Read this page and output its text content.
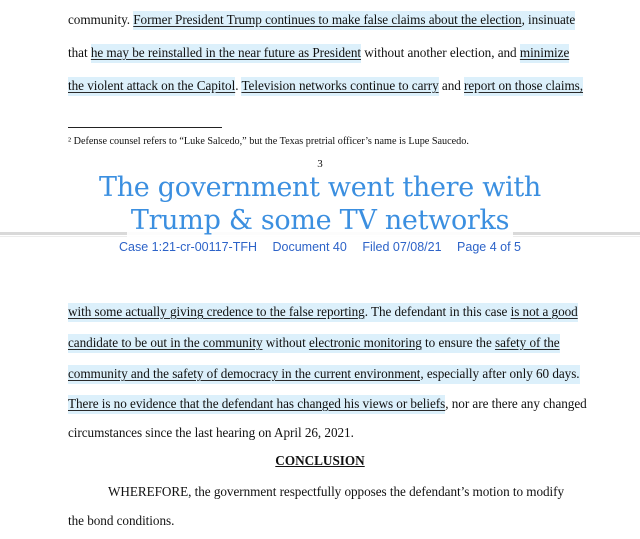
community. Former President Trump continues to make false claims about the election, insinuate
that he may be reinstalled in the near future as President without another election, and minimize
the violent attack on the Capitol. Television networks continue to carry and report on those claims,
² Defense counsel refers to “Luke Salcedo,” but the Texas pretrial officer’s name is Lupe Saucedo.
3
The government went there with
Trump & some TV networks
Case 1:21-cr-00117-TFH Document 40 Filed 07/08/21 Page 4 of 5
with some actually giving credence to the false reporting. The defendant in this case is not a good
candidate to be out in the community without electronic monitoring to ensure the safety of the
community and the safety of democracy in the current environment, especially after only 60 days.
There is no evidence that the defendant has changed his views or beliefs, nor are there any changed
circumstances since the last hearing on April 26, 2021.
CONCLUSION
WHEREFORE, the government respectfully opposes the defendant’s motion to modify
the bond conditions.
